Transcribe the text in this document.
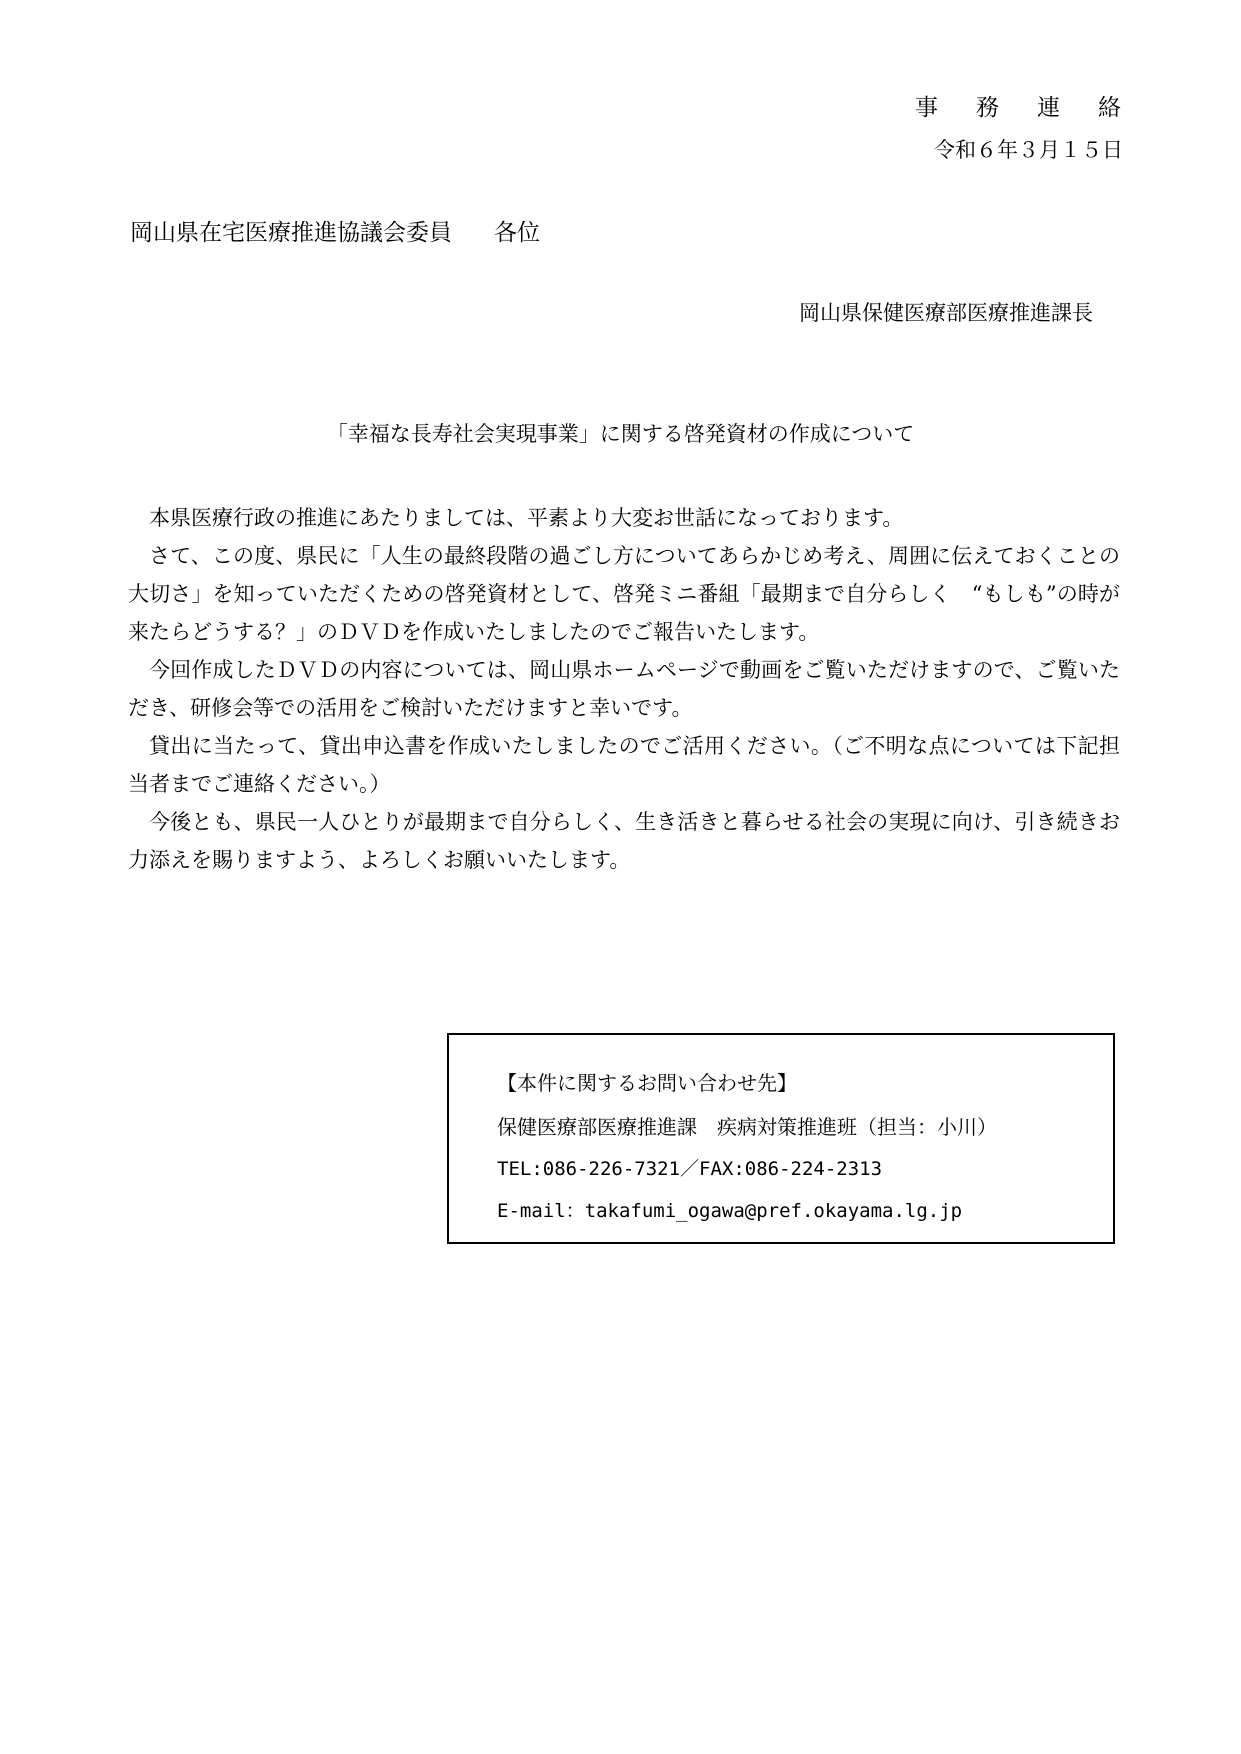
事務連絡
令和６年３月１５日
岡山県在宅医療推進協議会委員 各位
岡山県保健医療部医療推進課長
「幸福な長寿社会実現事業」に関する啓発資材の作成について

本県医療行政の推進にあたりましては、平素より大変お世話になっております。

さて、この度、県民に「人生の最終段階の過ごし方についてあらかじめ考え、周囲に伝えておくことの大切さ」を知っていただくための啓発資材として、啓発ミニ番組「最期まで自分らしく　“もしも”の時が来たらどうする？」のＤＶＤを作成いたしましたのでご報告いたします。

今回作成したＤＶＤの内容については、岡山県ホームページで動画をご覧いただけますので、ご覧いただき、研修会等での活用をご検討いただけますと幸いです。

貸出に当たって、貸出申込書を作成いたしましたのでご活用ください。（ご不明な点については下記担当者までご連絡ください。）

今後とも、県民一人ひとりが最期まで自分らしく、生き活きと暮らせる社会の実現に向け、引き続きお力添えを賜りますよう、よろしくお願いいたします。

【本件に関するお問い合わせ先】
保健医療部医療推進課　疾病対策推進班（担当：小川）
TEL:086-226-7321／FAX:086-224-2313
E-mail：takafumi_ogawa@pref.okayama.lg.jp
